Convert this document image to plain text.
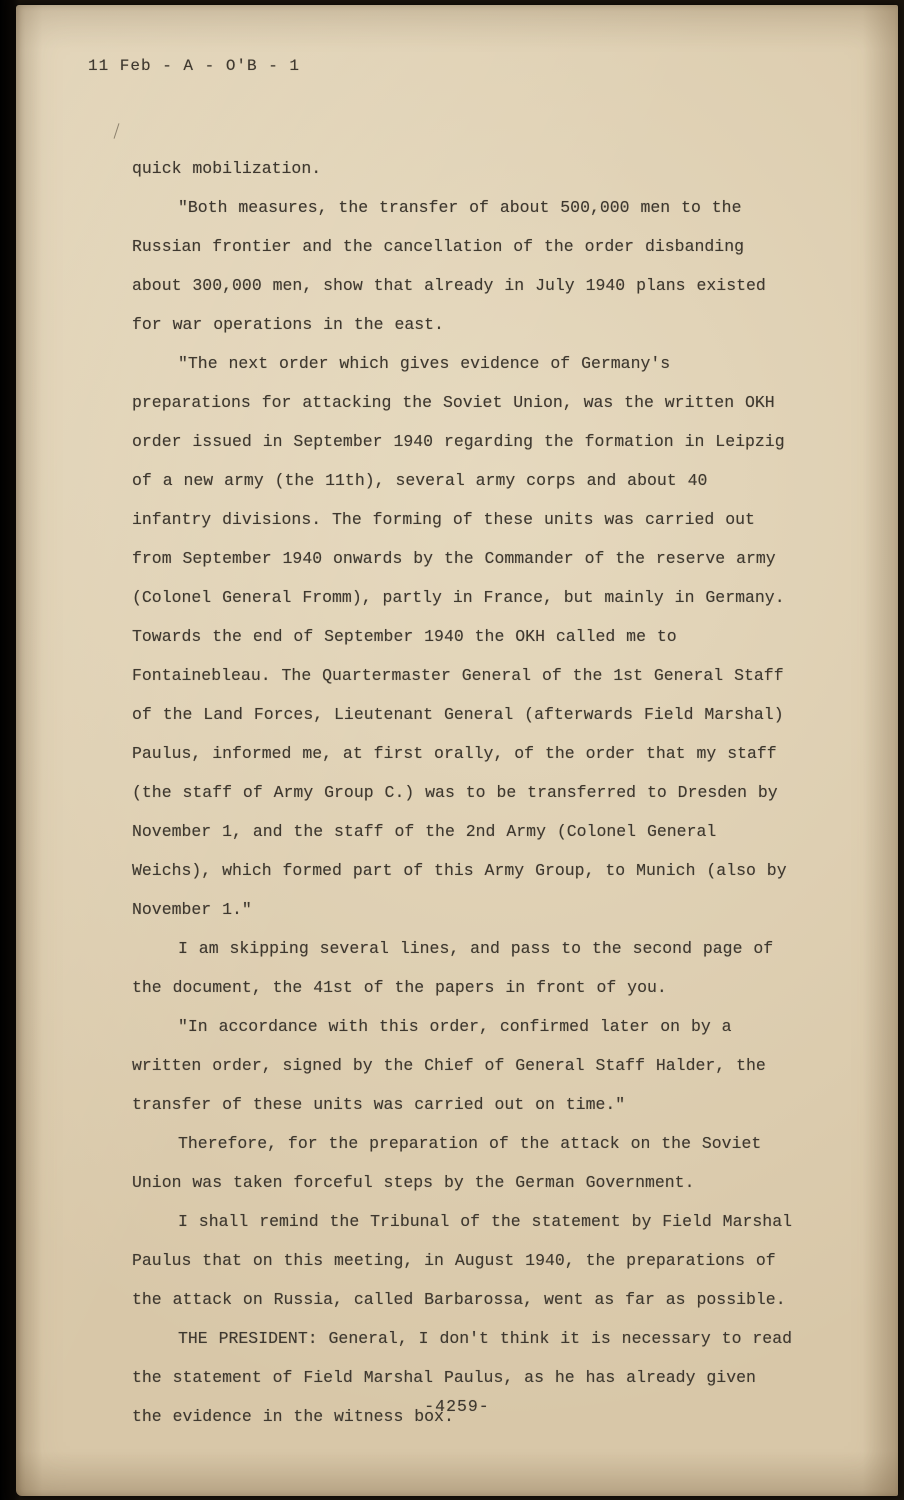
11 Feb - A - O'B - 1

quick mobilization.

"Both measures, the transfer of about 500,000 men to the Russian frontier and the cancellation of the order disbanding about 300,000 men, show that already in July 1940 plans existed for war operations in the east.

"The next order which gives evidence of Germany's preparations for attacking the Soviet Union, was the written OKH order issued in September 1940 regarding the formation in Leipzig of a new army (the 11th), several army corps and about 40 infantry divisions. The forming of these units was carried out from September 1940 onwards by the Commander of the reserve army (Colonel General Fromm), partly in France, but mainly in Germany. Towards the end of September 1940 the OKH called me to Fontainebleau. The Quartermaster General of the 1st General Staff of the Land Forces, Lieutenant General (afterwards Field Marshal) Paulus, informed me, at first orally, of the order that my staff (the staff of Army Group C.) was to be transferred to Dresden by November 1, and the staff of the 2nd Army (Colonel General Weichs), which formed part of this Army Group, to Munich (also by November 1."

I am skipping several lines, and pass to the second page of the document, the 41st of the papers in front of you.

"In accordance with this order, confirmed later on by a written order, signed by the Chief of General Staff Halder, the transfer of these units was carried out on time."

Therefore, for the preparation of the attack on the Soviet Union was taken forceful steps by the German Government.

I shall remind the Tribunal of the statement by Field Marshal Paulus that on this meeting, in August 1940, the preparations of the attack on Russia, called Barbarossa, went as far as possible.

THE PRESIDENT: General, I don't think it is necessary to read the statement of Field Marshal Paulus, as he has already given the evidence in the witness box.

-4259-
